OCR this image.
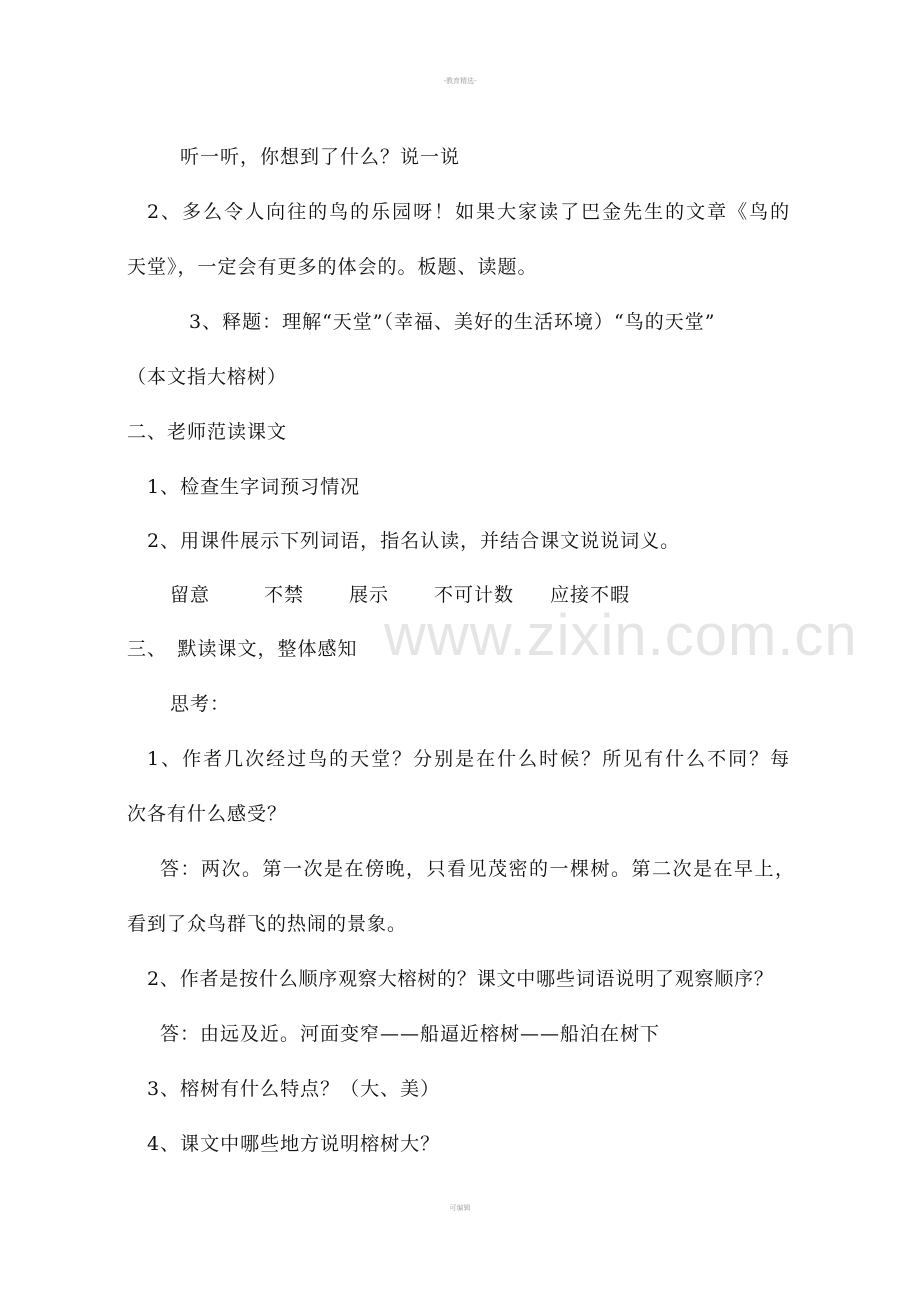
-教育精选-
www.zixin.com.cn
听一听，你想到了什么？说一说
2、多么令人向往的鸟的乐园呀！如果大家读了巴金先生的文章《鸟的
天堂》，一定会有更多的体会的。板题、读题。
3、释题：理解“天堂”（幸福、美好的生活环境）“鸟的天堂”
（本文指大榕树）
二、老师范读课文
1、检查生字词预习情况
2、用课件展示下列词语，指名认读，并结合课文说说词义。
留意	不禁 展示 不可计数 应接不暇
三、　默读课文，整体感知
思考：
1、作者几次经过鸟的天堂？分别是在什么时候？所见有什么不同？每
次各有什么感受？
答：两次。第一次是在傍晚，只看见茂密的一棵树。第二次是在早上，
看到了众鸟群飞的热闹的景象。
2、作者是按什么顺序观察大榕树的？课文中哪些词语说明了观察顺序？
答：由远及近。河面变窄——船逼近榕树——船泊在树下
3、榕树有什么特点？（大、美）
4、课文中哪些地方说明榕树大？
可编辑
